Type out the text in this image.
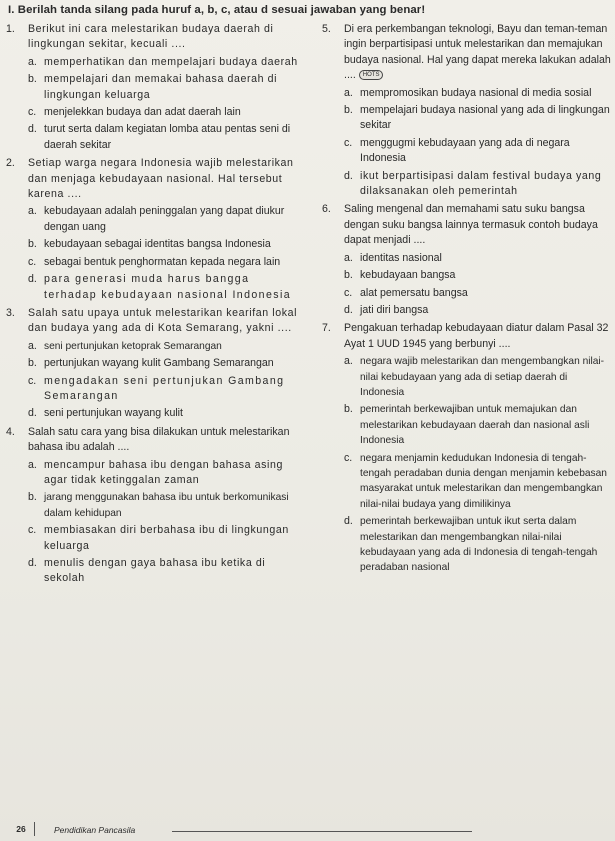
I. Berilah tanda silang pada huruf a, b, c, atau d sesuai jawaban yang benar!
1.	Berikut ini cara melestarikan budaya daerah di lingkungan sekitar, kecuali ....
a. memperhatikan dan mempelajari budaya daerah
b. mempelajari dan memakai bahasa daerah di lingkungan keluarga
c. menjelekkan budaya dan adat daerah lain
d. turut serta dalam kegiatan lomba atau pentas seni di daerah sekitar
2.	Setiap warga negara Indonesia wajib melestarikan dan menjaga kebudayaan nasional. Hal tersebut karena ....
a. kebudayaan adalah peninggalan yang dapat diukur dengan uang
b. kebudayaan sebagai identitas bangsa Indonesia
c. sebagai bentuk penghormatan kepada negara lain
d. para generasi muda harus bangga terhadap kebudayaan nasional Indonesia
3.	Salah satu upaya untuk melestarikan kearifan lokal dan budaya yang ada di Kota Semarang, yakni ....
a. seni pertunjukan ketoprak Semarangan
b. pertunjukan wayang kulit Gambang Semarangan
c. mengadakan seni pertunjukan Gambang Semarangan
d. seni pertunjukan wayang kulit
4.	Salah satu cara yang bisa dilakukan untuk melestarikan bahasa ibu adalah ....
a. mencampur bahasa ibu dengan bahasa asing agar tidak ketinggalan zaman
b. jarang menggunakan bahasa ibu untuk berkomunikasi dalam kehidupan
c. membiasakan diri berbahasa ibu di lingkungan keluarga
d. menulis dengan gaya bahasa ibu ketika di sekolah
5.	Di era perkembangan teknologi, Bayu dan teman-teman ingin berpartisipasi untuk melestarikan dan memajukan budaya nasional. Hal yang dapat mereka lakukan adalah .... HOTS
a. mempromosikan budaya nasional di media sosial
b. mempelajari budaya nasional yang ada di lingkungan sekitar
c. menggugmi kebudayaan yang ada di negara Indonesia
d. ikut berpartisipasi dalam festival budaya yang dilaksanakan oleh pemerintah
6.	Saling mengenal dan memahami satu suku bangsa dengan suku bangsa lainnya termasuk contoh budaya dapat menjadi ....
a. identitas nasional
b. kebudayaan bangsa
c. alat pemersatu bangsa
d. jati diri bangsa
7.	Pengakuan terhadap kebudayaan diatur dalam Pasal 32 Ayat 1 UUD 1945 yang berbunyi ....
a. negara wajib melestarikan dan mengembangkan nilai-nilai kebudayaan yang ada di setiap daerah di Indonesia
b. pemerintah berkewajiban untuk memajukan dan melestarikan kebudayaan daerah dan nasional asli Indonesia
c. negara menjamin kedudukan Indonesia di tengah-tengah peradaban dunia dengan menjamin kebebasan masyarakat untuk melestarikan dan mengembangkan nilai-nilai budaya yang dimilikinya
d. pemerintah berkewajiban untuk ikut serta dalam melestarikan dan mengembangkan nilai-nilai kebudayaan yang ada di Indonesia di tengah-tengah peradaban nasional
26	Pendidikan Pancasila
